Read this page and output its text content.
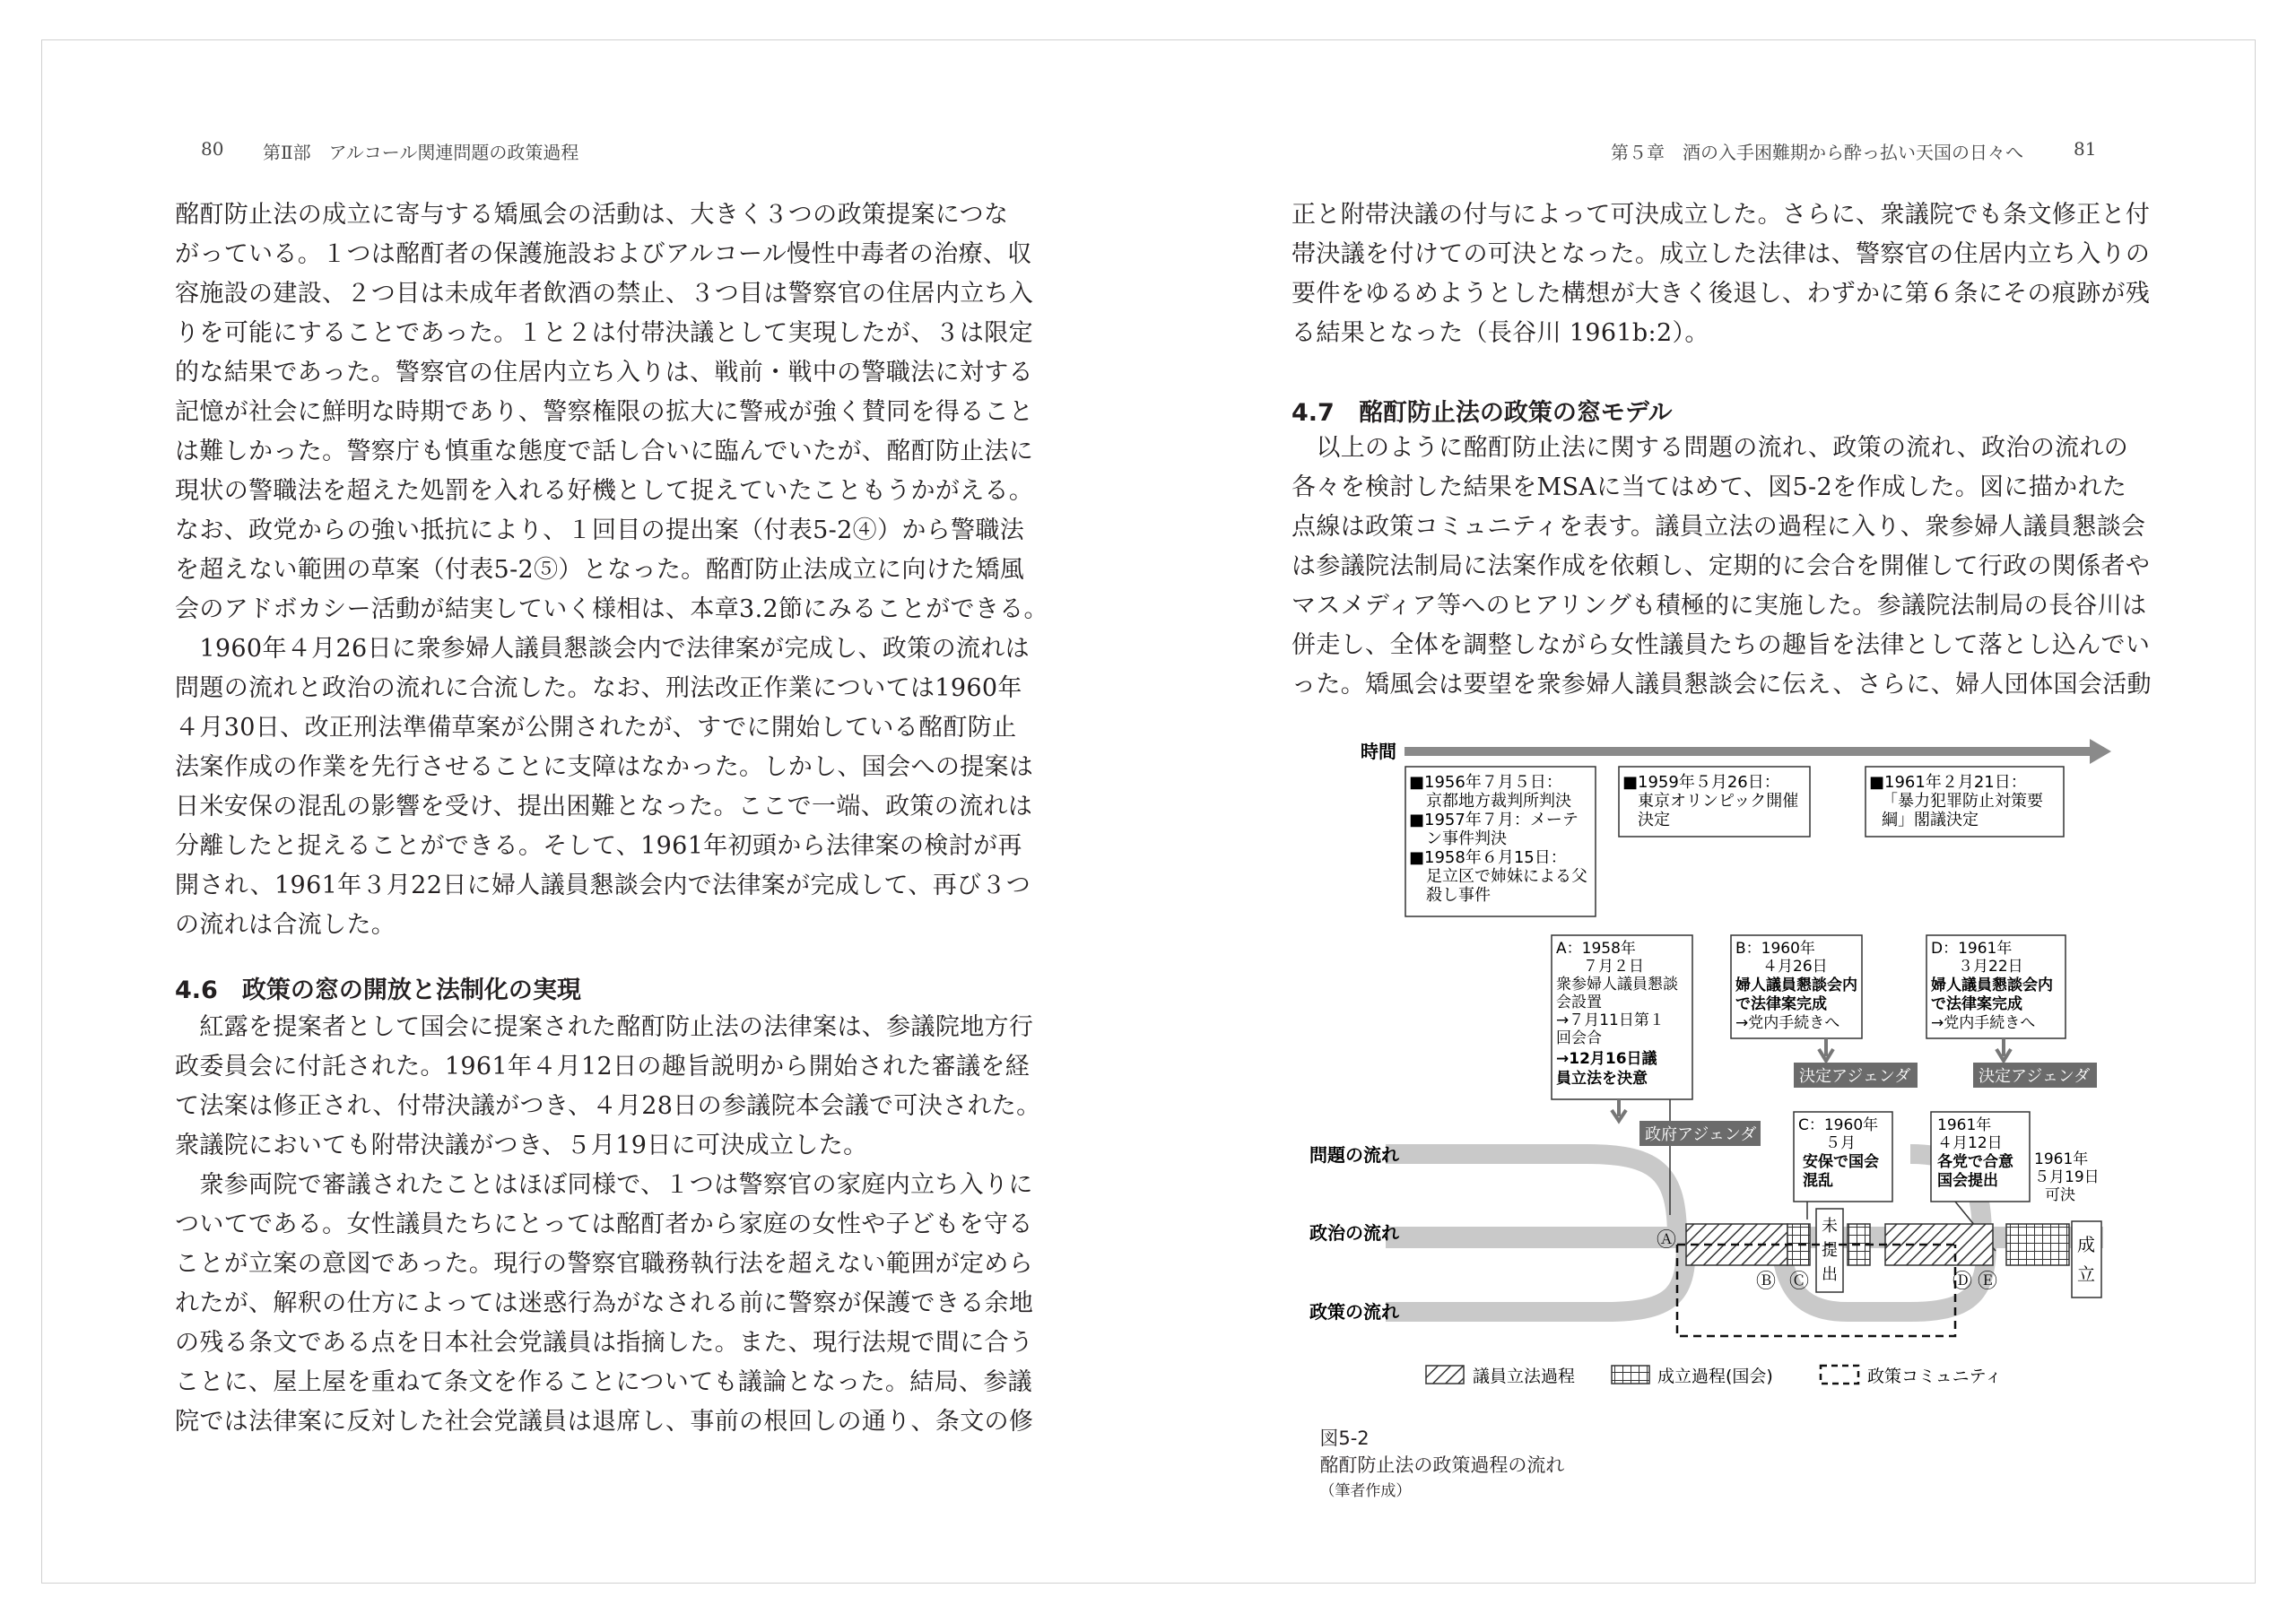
80 第Ⅱ部　アルコール関連問題の政策過程

酩酊防止法の成立に寄与する矯風会の活動は、大きく３つの政策提案につな

がっている。１つは酩酊者の保護施設およびアルコール慢性中毒者の治療、収

容施設の建設、２つ目は未成年者飲酒の禁止、３つ目は警察官の住居内立ち入

りを可能にすることであった。１と２は付帯決議として実現したが、３は限定

的な結果であった。警察官の住居内立ち入りは、戦前・戦中の警職法に対する

記憶が社会に鮮明な時期であり、警察権限の拡大に警戒が強く賛同を得ること

は難しかった。警察庁も慎重な態度で話し合いに臨んでいたが、酩酊防止法に

現状の警職法を超えた処罰を入れる好機として捉えていたこともうかがえる。

なお、政党からの強い抵抗により、１回目の提出案（付表5-2④）から警職法

を超えない範囲の草案（付表5-2⑤）となった。酩酊防止法成立に向けた矯風

会のアドボカシー活動が結実していく様相は、本章3.2節にみることができる。

　1960年４月26日に衆参婦人議員懇談会内で法律案が完成し、政策の流れは

問題の流れと政治の流れに合流した。なお、刑法改正作業については1960年

４月30日、改正刑法準備草案が公開されたが、すでに開始している酩酊防止

法案作成の作業を先行させることに支障はなかった。しかし、国会への提案は

日米安保の混乱の影響を受け、提出困難となった。ここで一端、政策の流れは

分離したと捉えることができる。そして、1961年初頭から法律案の検討が再

開され、1961年３月22日に婦人議員懇談会内で法律案が完成して、再び３つ

の流れは合流した。

4.6　政策の窓の開放と法制化の実現

　紅露を提案者として国会に提案された酩酊防止法の法律案は、参議院地方行

政委員会に付託された。1961年４月12日の趣旨説明から開始された審議を経

て法案は修正され、付帯決議がつき、４月28日の参議院本会議で可決された。

衆議院においても附帯決議がつき、５月19日に可決成立した。

　衆参両院で審議されたことはほぼ同様で、１つは警察官の家庭内立ち入りに

ついてである。女性議員たちにとっては酩酊者から家庭の女性や子どもを守る

ことが立案の意図であった。現行の警察官職務執行法を超えない範囲が定めら

れたが、解釈の仕方によっては迷惑行為がなされる前に警察が保護できる余地

の残る条文である点を日本社会党議員は指摘した。また、現行法規で間に合う

ことに、屋上屋を重ねて条文を作ることについても議論となった。結局、参議

院では法律案に反対した社会党議員は退席し、事前の根回しの通り、条文の修

第５章　酒の入手困難期から酔っ払い天国の日々へ	81

正と附帯決議の付与によって可決成立した。さらに、衆議院でも条文修正と付

帯決議を付けての可決となった。成立した法律は、警察官の住居内立ち入りの

要件をゆるめようとした構想が大きく後退し、わずかに第６条にその痕跡が残

る結果となった（長谷川 1961b:2）。

4.7　酩酊防止法の政策の窓モデル

　以上のように酩酊防止法に関する問題の流れ、政策の流れ、政治の流れの

各々を検討した結果をMSAに当てはめて、図5-2を作成した。図に描かれた

点線は政策コミュニティを表す。議員立法の過程に入り、衆参婦人議員懇談会

は参議院法制局に法案作成を依頼し、定期的に会合を開催して行政の関係者や

マスメディア等へのヒアリングも積極的に実施した。参議院法制局の長谷川は

併走し、全体を調整しながら女性議員たちの趣旨を法律として落とし込んでい

った。矯風会は要望を衆参婦人議員懇談会に伝え、さらに、婦人団体国会活動

時間
問題の流れ
政治の流れ
政策の流れ
■1956年７月５日：
京都地方裁判所判決
■1957年７月：メーテ
ン事件判決
■1958年６月15日：
足立区で姉妹による父
殺し事件
■1959年５月26日：
東京オリンピック開催
決定
■1961年２月21日：
「暴力犯罪防止対策要
綱」閣議決定
A：1958年
７月２日
衆参婦人議員懇談
会設置
→７月11日第１
回会合
→12月16日議
員立法を決意
B：1960年
４月26日
婦人議員懇談会内
で法律案完成
→党内手続きへ
D：1961年
３月22日
婦人議員懇談会内
で法律案完成
→党内手続きへ
政府アジェンダ
決定アジェンダ	決定アジェンダ
C：1960年
５月
安保で国会
混乱
1961年
４月12日
各党で合意
国会提出
1961年
５月19日
可決
未
提
出
成
立
Ⓐ
Ⓑ Ⓒ	Ⓓ Ⓔ
議員立法過程	成立過程(国会)	政策コミュニティ

図5-2　
酩酊防止法の政策過程の流れ
（筆者作成）
